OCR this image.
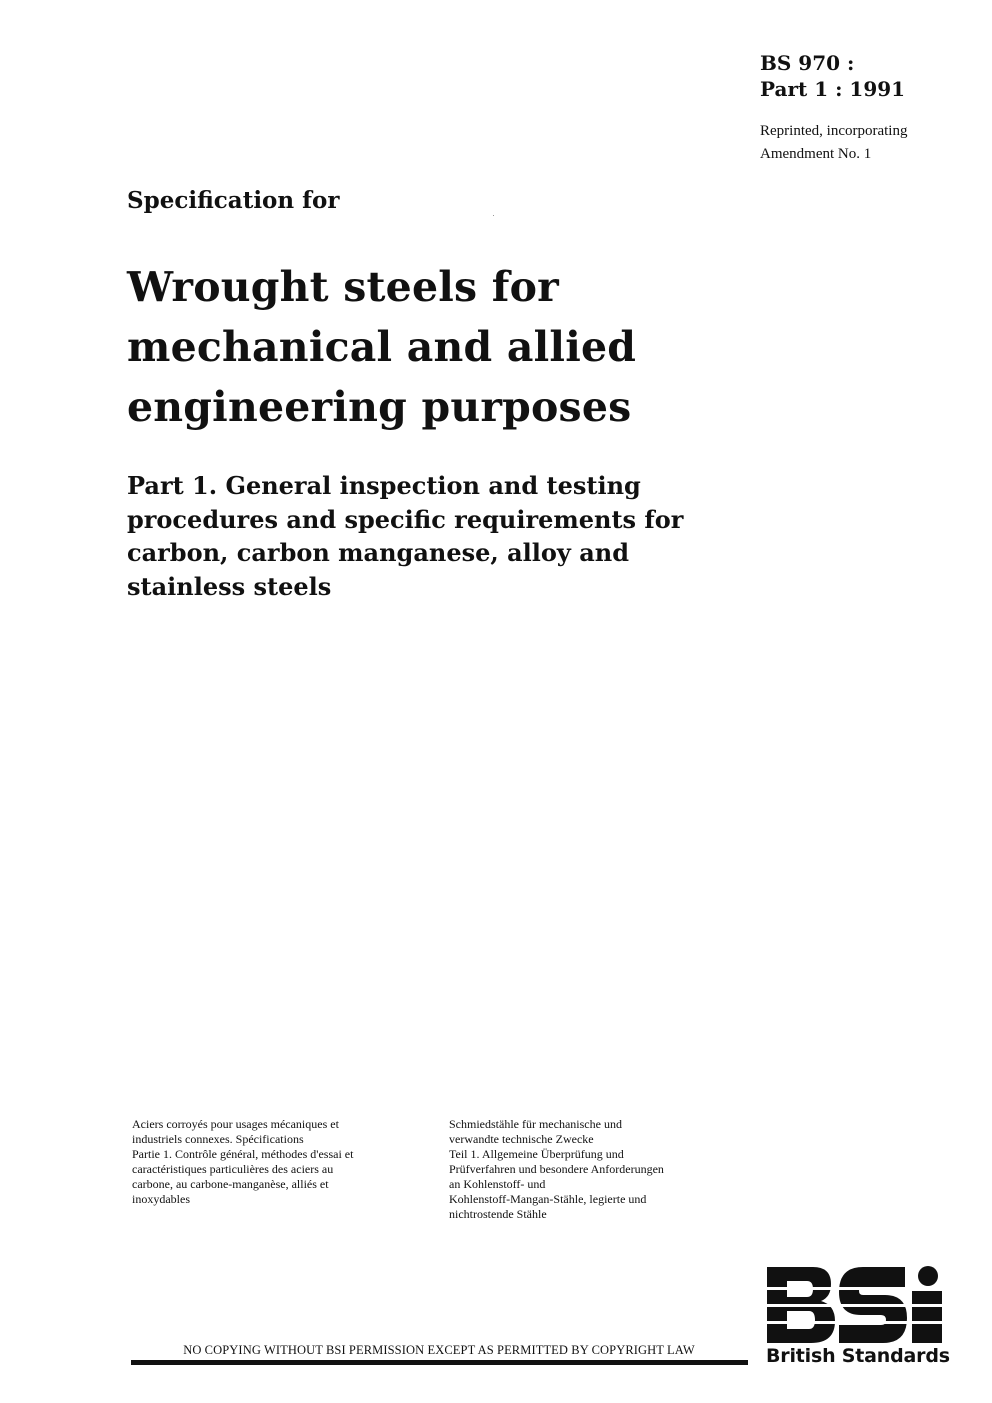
BS 970 :
Part 1 : 1991
Reprinted, incorporating
Amendment No. 1
Specification for
Wrought steels for
mechanical and allied
engineering purposes
Part 1. General inspection and testing
procedures and specific requirements for
carbon, carbon manganese, alloy and
stainless steels
Aciers corroyés pour usages mécaniques et
industriels connexes. Spécifications
Partie 1. Contrôle général, méthodes d'essai et
caractéristiques particulières des aciers au
carbone, au carbone-manganèse, alliés et
inoxydables
Schmiedstähle für mechanische und
verwandte technische Zwecke
Teil 1. Allgemeine Überprüfung und
Prüfverfahren und besondere Anforderungen
an Kohlenstoff- und
Kohlenstoff-Mangan-Stähle, legierte und
nichtrostende Stähle
British Standards
NO COPYING WITHOUT BSI PERMISSION EXCEPT AS PERMITTED BY COPYRIGHT LAW
